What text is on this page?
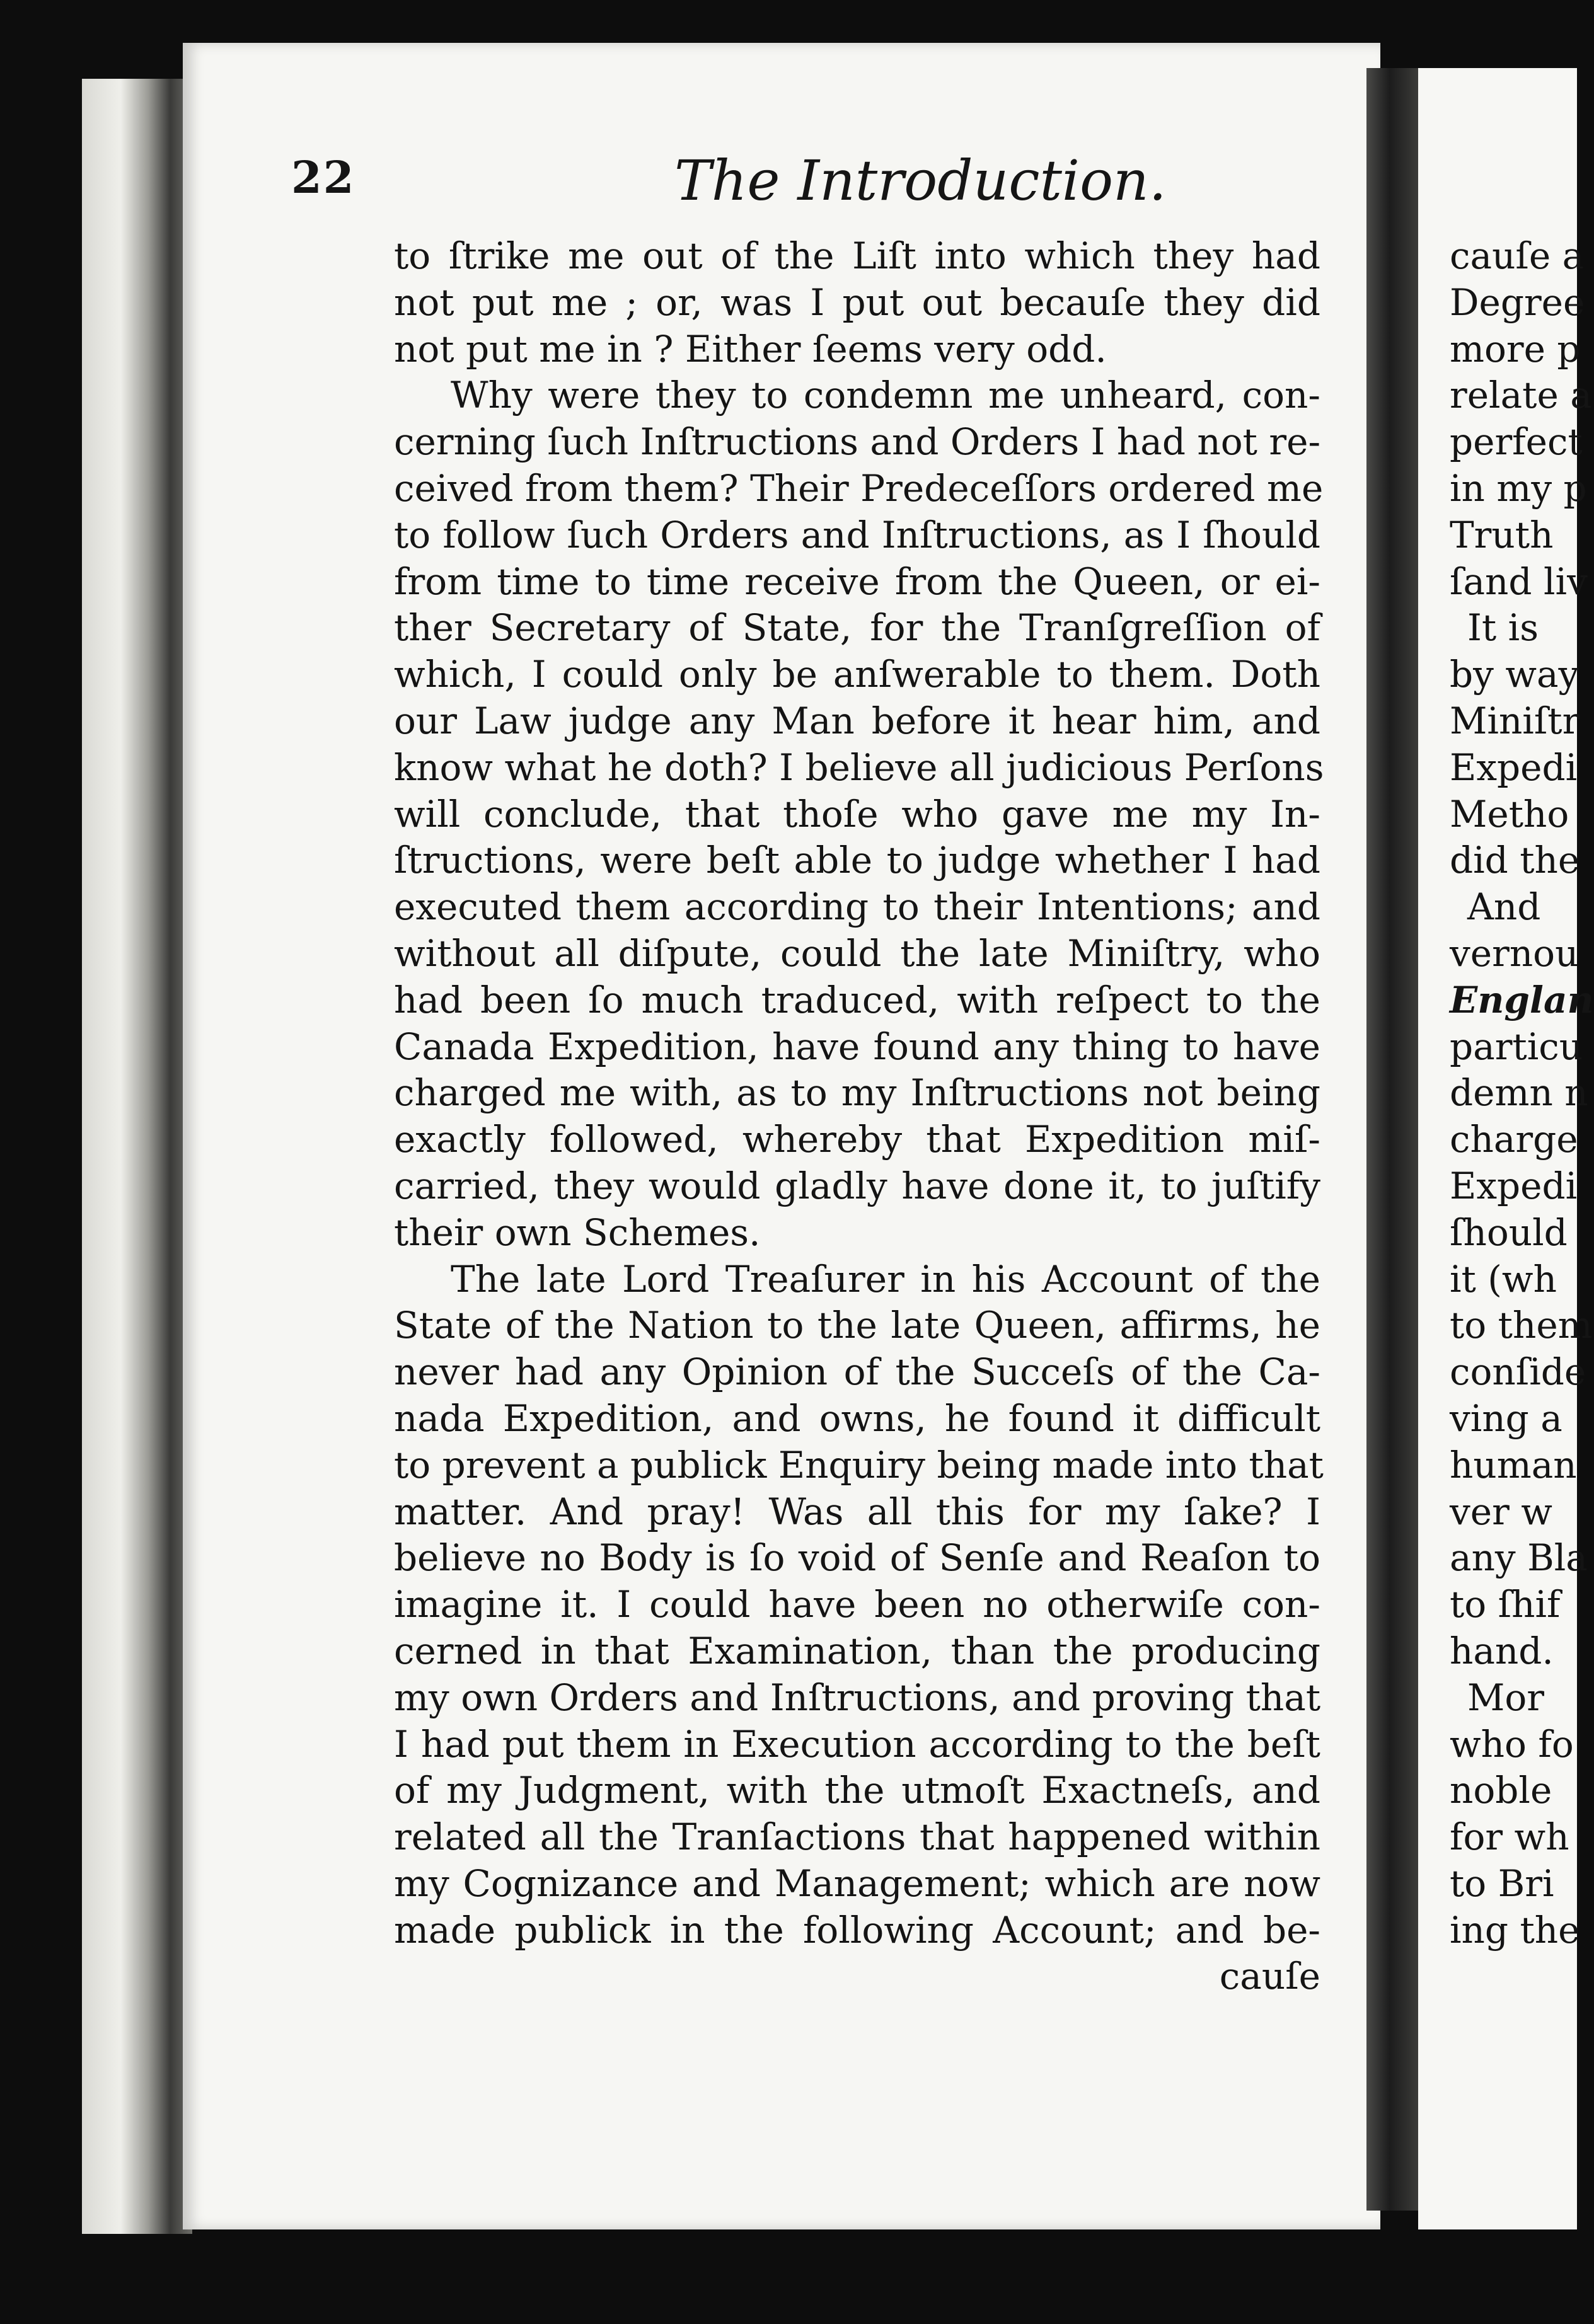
22	The Introduction.
to ſtrike me out of the Liſt into which they had
not put me ; or, was I put out becauſe they did
not put me in ? Either ſeems very odd.
Why were they to condemn me unheard, con-
cerning ſuch Inſtructions and Orders I had not re-
ceived from them? Their Predeceſſors ordered me
to follow ſuch Orders and Inſtructions, as I ſhould
from time to time receive from the Queen, or ei-
ther Secretary of State, for the Tranſgreſſion of
which, I could only be anſwerable to them. Doth
our Law judge any Man before it hear him, and
know what he doth? I believe all judicious Perſons
will conclude, that thoſe who gave me my In-
ſtructions, were beſt able to judge whether I had
executed them according to their Intentions; and
without all diſpute, could the late Miniſtry, who
had been ſo much traduced, with reſpect to the
Canada Expedition, have found any thing to have
charged me with, as to my Inſtructions not being
exactly followed, whereby that Expedition miſ-
carried, they would gladly have done it, to juſtify
their own Schemes.
The late Lord Treaſurer in his Account of the
State of the Nation to the late Queen, affirms, he
never had any Opinion of the Succeſs of the Ca-
nada Expedition, and owns, he found it difficult
to prevent a publick Enquiry being made into that
matter. And pray! Was all this for my ſake? I
believe no Body is ſo void of Senſe and Reaſon to
imagine it. I could have been no otherwiſe con-
cerned in that Examination, than the producing
my own Orders and Inſtructions, and proving that
I had put them in Execution according to the beſt
of my Judgment, with the utmoſt Exactneſs, and
related all the Tranſactions that happened within
my Cognizance and Management; which are now
made publick in the following Account; and be-
cauſe
cauſe a
Degree
more p
relate a
perfect
in my p
Truth
ſand liv
It is
by way
Miniſtr
Expedi
Metho
did the
And
vernou
Englan
particu
demn n
charge
Expedi
ſhould
it (wh
to them
conſide
ving a
human
ver w
any Bla
to ſhif
hand.
Mor
who fo
noble
for wh
to Bri
ing the
